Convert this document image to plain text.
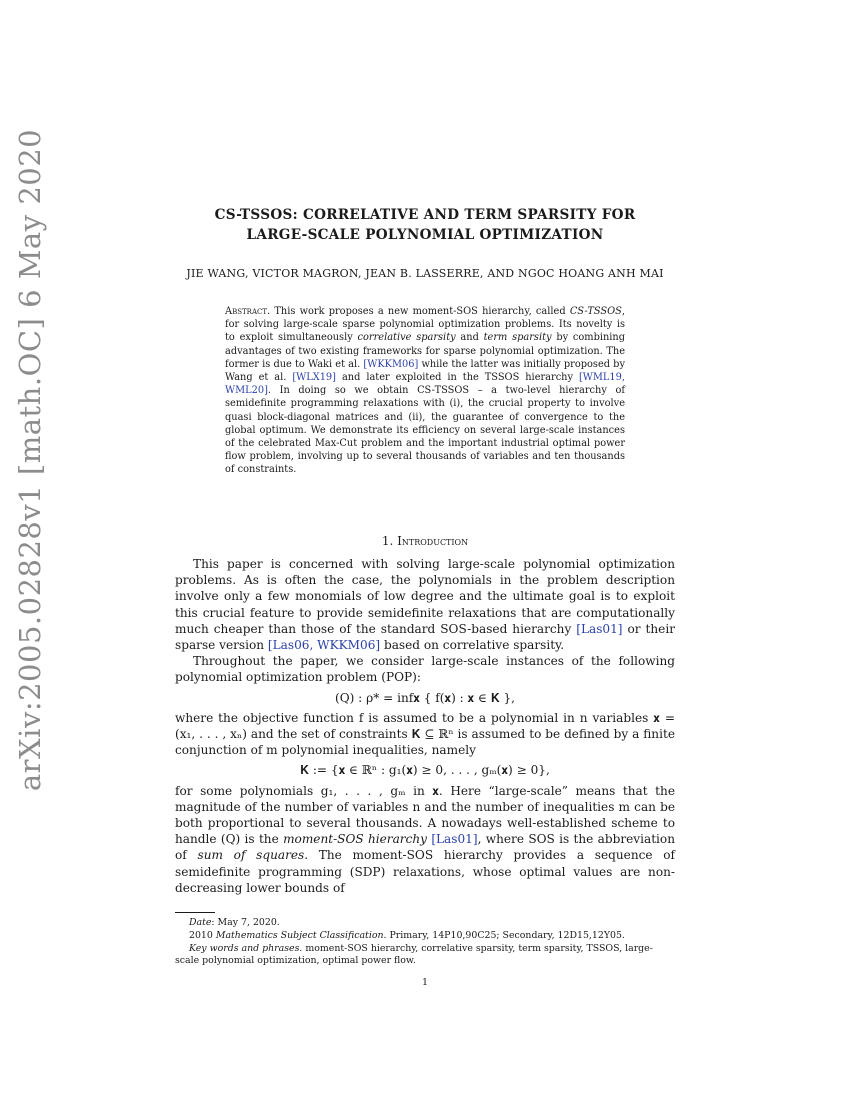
arXiv:2005.02828v1 [math.OC] 6 May 2020	CS-TSSOS: CORRELATIVE AND TERM SPARSITY FOR
LARGE-SCALE POLYNOMIAL OPTIMIZATION
JIE WANG, VICTOR MAGRON, JEAN B. LASSERRE, AND NGOC HOANG ANH MAI
Abstract. This work proposes a new moment-SOS hierarchy, called CS-TSSOS, for solving large-scale sparse polynomial optimization problems. Its novelty is to exploit simultaneously correlative sparsity and term sparsity by combining advantages of two existing frameworks for sparse polynomial optimization. The former is due to Waki et al. [WKKM06] while the latter was initially proposed by Wang et al. [WLX19] and later exploited in the TSSOS hierarchy [WML19, WML20]. In doing so we obtain CS-TSSOS – a two-level hierarchy of semidefinite programming relaxations with (i), the crucial property to involve quasi block-diagonal matrices and (ii), the guarantee of convergence to the global optimum. We demonstrate its efficiency on several large-scale instances of the celebrated Max-Cut problem and the important industrial optimal power flow problem, involving up to several thousands of variables and ten thousands of constraints.
1. Introduction

This paper is concerned with solving large-scale polynomial optimization problems. As is often the case, the polynomials in the problem description involve only a few monomials of low degree and the ultimate goal is to exploit this crucial feature to provide semidefinite relaxations that are computationally much cheaper than those of the standard SOS-based hierarchy [Las01] or their sparse version [Las06, WKKM06] based on correlative sparsity.

Throughout the paper, we consider large-scale instances of the following polynomial optimization problem (POP):

(Q) : ρ* = inf𝐱 { f(𝐱) : 𝐱 ∈ 𝐊 },

where the objective function f is assumed to be a polynomial in n variables 𝐱 = (x₁, . . . , xₙ) and the set of constraints 𝐊 ⊆ ℝⁿ is assumed to be defined by a finite conjunction of m polynomial inequalities, namely

𝐊 := {𝐱 ∈ ℝⁿ : g₁(𝐱) ≥ 0, . . . , gₘ(𝐱) ≥ 0},

for some polynomials g₁, . . . , gₘ in 𝐱. Here “large-scale” means that the magnitude of the number of variables n and the number of inequalities m can be both proportional to several thousands. A nowadays well-established scheme to handle (Q) is the moment-SOS hierarchy [Las01], where SOS is the abbreviation of sum of squares. The moment-SOS hierarchy provides a sequence of semidefinite programming (SDP) relaxations, whose optimal values are non-decreasing lower bounds of

Date: May 7, 2020.

2010 Mathematics Subject Classification. Primary, 14P10,90C25; Secondary, 12D15,12Y05.

Key words and phrases. moment-SOS hierarchy, correlative sparsity, term sparsity, TSSOS, large-scale polynomial optimization, optimal power flow.

1
